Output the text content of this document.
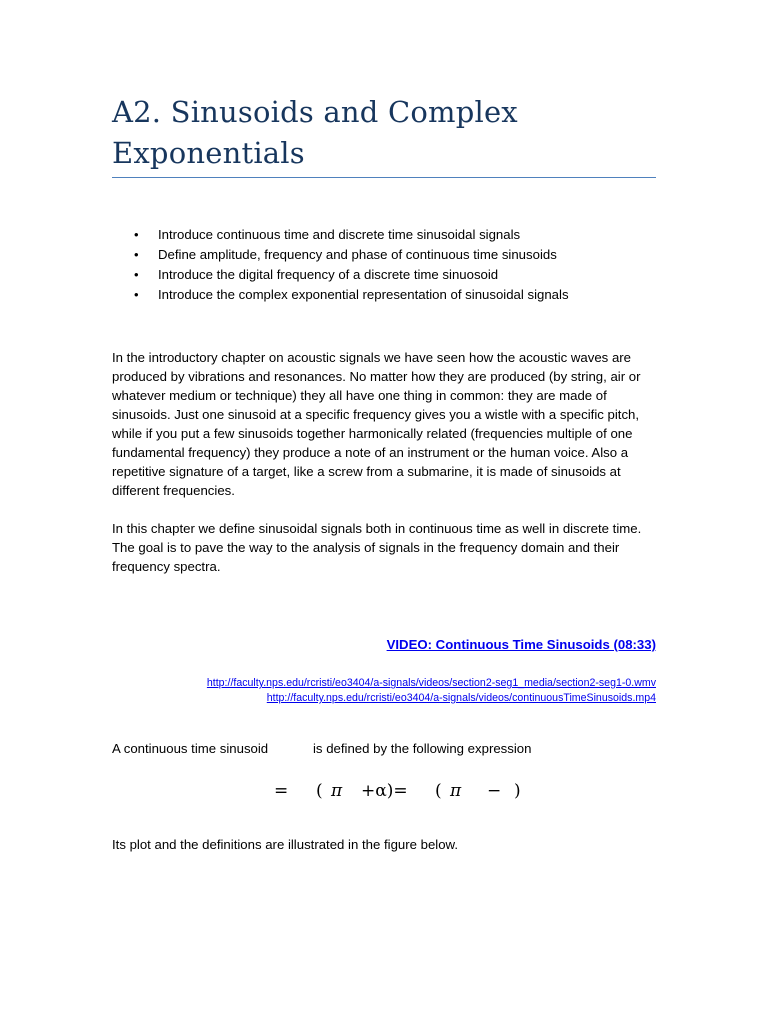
A2. Sinusoids and Complex Exponentials
• Introduce continuous time and discrete time sinusoidal signals
• Define amplitude, frequency and phase of continuous time sinusoids
• Introduce the digital frequency of a discrete time sinuosoid
• Introduce the complex exponential representation of sinusoidal signals

In the introductory chapter on acoustic signals we have seen how the acoustic waves are produced by vibrations and resonances. No matter how they are produced (by string, air or whatever medium or technique) they all have one thing in common: they are made of sinusoids. Just one sinusoid at a specific frequency gives you a wistle with a specific pitch, while if you put a few sinusoids together harmonically related (frequencies multiple of one fundamental frequency) they produce a note of an instrument or the human voice. Also a repetitive signature of a target, like a screw from a submarine, it is made of sinusoids at different frequencies.

In this chapter we define sinusoidal signals both in continuous time as well in discrete time. The goal is to pave the way to the analysis of signals in the frequency domain and their frequency spectra.

VIDEO: Continuous Time Sinusoids (08:33)
http://faculty.nps.edu/rcristi/eo3404/a-signals/videos/section2-seg1_media/section2-seg1-0.wmv
http://faculty.nps.edu/rcristi/eo3404/a-signals/videos/continuousTimeSinusoids.mp4
A continuous time sinusoid	is defined by the following expression
= ( π +α)= ( π − )

Its plot and the definitions are illustrated in the figure below.
